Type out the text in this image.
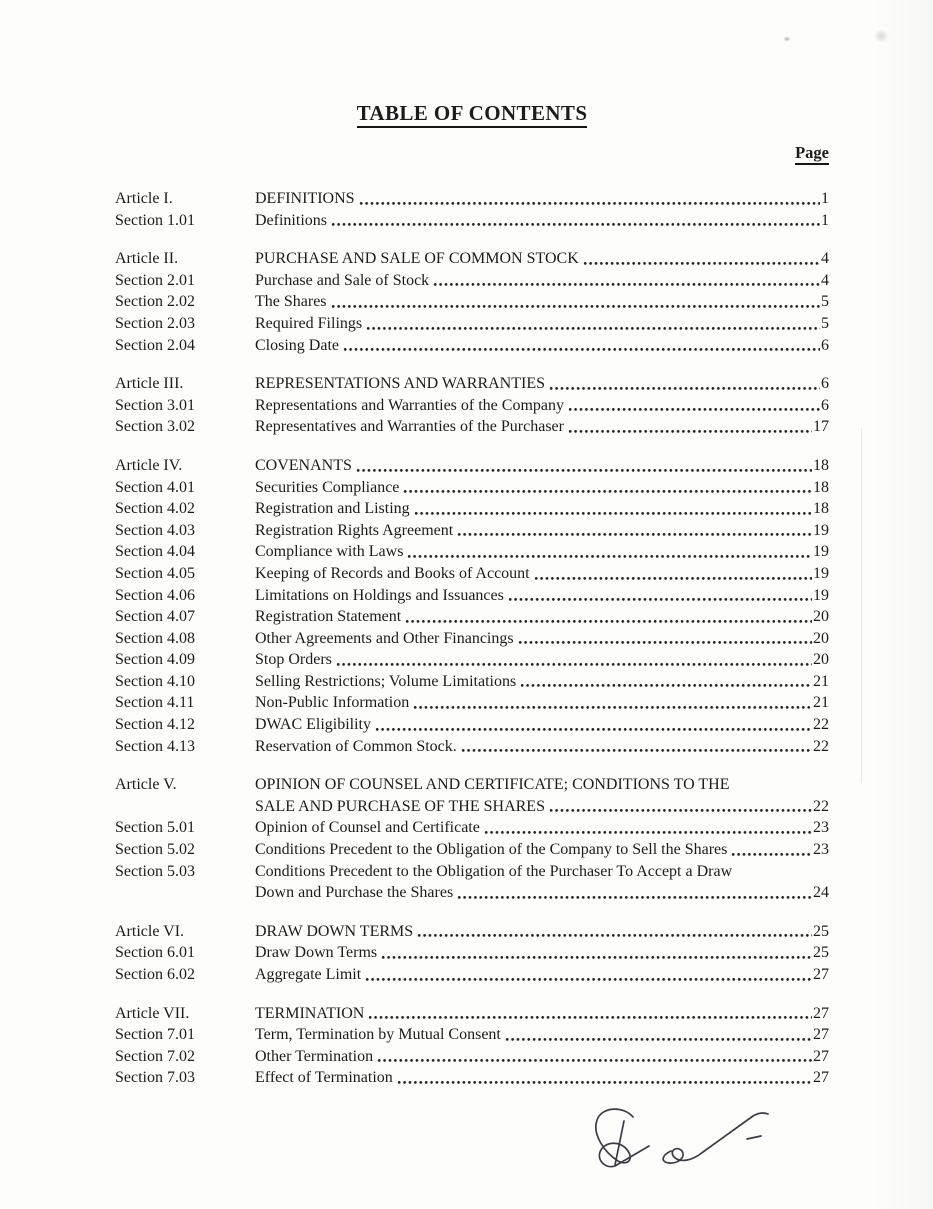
TABLE OF CONTENTS
Page
Article I.	DEFINITIONS	1
Section 1.01	Definitions	1
Article II.	PURCHASE AND SALE OF COMMON STOCK	4
Section 2.01	Purchase and Sale of Stock	4
Section 2.02	The Shares	5
Section 2.03	Required Filings	5
Section 2.04	Closing Date	6
Article III.	REPRESENTATIONS AND WARRANTIES	6
Section 3.01	Representations and Warranties of the Company	6
Section 3.02	Representatives and Warranties of the Purchaser	17
Article IV.	COVENANTS	18
Section 4.01	Securities Compliance	18
Section 4.02	Registration and Listing	18
Section 4.03	Registration Rights Agreement	19
Section 4.04	Compliance with Laws	19
Section 4.05	Keeping of Records and Books of Account	19
Section 4.06	Limitations on Holdings and Issuances	19
Section 4.07	Registration Statement	20
Section 4.08	Other Agreements and Other Financings	20
Section 4.09	Stop Orders	20
Section 4.10	Selling Restrictions; Volume Limitations	21
Section 4.11	Non-Public Information	21
Section 4.12	DWAC Eligibility	22
Section 4.13	Reservation of Common Stock.	22
Article V.	OPINION OF COUNSEL AND CERTIFICATE; CONDITIONS TO THE
SALE AND PURCHASE OF THE SHARES	22
Section 5.01	Opinion of Counsel and Certificate	23
Section 5.02	Conditions Precedent to the Obligation of the Company to Sell the Shares	23
Section 5.03	Conditions Precedent to the Obligation of the Purchaser To Accept a Draw
Down and Purchase the Shares	24
Article VI.	DRAW DOWN TERMS	25
Section 6.01	Draw Down Terms	25
Section 6.02	Aggregate Limit	27
Article VII.	TERMINATION	27
Section 7.01	Term, Termination by Mutual Consent	27
Section 7.02	Other Termination	27
Section 7.03	Effect of Termination	27
